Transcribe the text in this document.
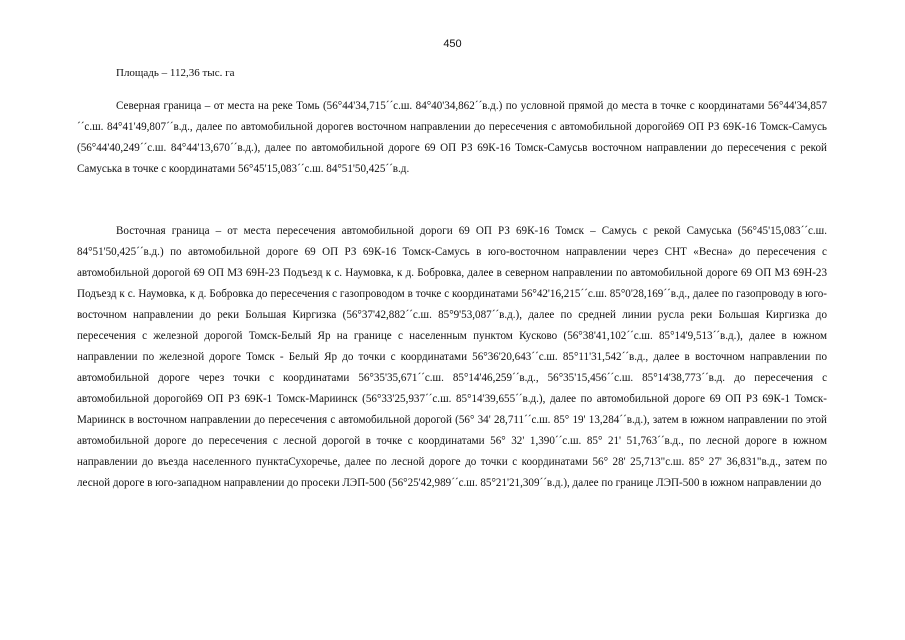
450
Площадь – 112,36 тыс. га

Северная граница – от места на реке Томь (56°44'34,715´´с.ш. 84°40'34,862´´в.д.) по условной прямой до места в точке с координатами 56°44'34,857´´с.ш. 84°41'49,807´´в.д., далее по автомобильной дорогев восточном направлении до пересечения с автомобильной дорогой69 ОП РЗ 69К-16 Томск-Самусь (56°44'40,249´´с.ш. 84°44'13,670´´в.д.), далее по автомобильной дороге 69 ОП РЗ 69К-16 Томск-Самусьв восточном направлении до пересечения с рекой Самуська в точке с координатами 56°45'15,083´´с.ш. 84°51'50,425´´в.д.

Восточная граница – от места пересечения автомобильной дороги 69 ОП РЗ 69К-16 Томск – Самусь с рекой Самуська (56°45'15,083´´с.ш. 84°51'50,425´´в.д.) по автомобильной дороге 69 ОП РЗ 69К-16 Томск-Самусь в юго-восточном направлении через СНТ «Весна» до пересечения с автомобильной дорогой 69 ОП МЗ 69Н-23 Подъезд к с. Наумовка, к д. Бобровка, далее в северном направлении по автомобильной дороге 69 ОП МЗ 69Н-23 Подъезд к с. Наумовка, к д. Бобровка до пересечения с газопроводом в точке с координатами 56°42'16,215´´с.ш. 85°0'28,169´´в.д., далее по газопроводу в юго-восточном направлении до реки Большая Киргизка (56°37'42,882´´с.ш. 85°9'53,087´´в.д.), далее по средней линии русла реки Большая Киргизка до пересечения с железной дорогой Томск-Белый Яр на границе с населенным пунктом Кусково (56°38'41,102´´с.ш. 85°14'9,513´´в.д.), далее в южном направлении по железной дороге Томск - Белый Яр до точки с координатами 56°36'20,643´´с.ш. 85°11'31,542´´в.д., далее в восточном направлении по автомобильной дороге через точки с координатами 56°35'35,671´´с.ш. 85°14'46,259´´в.д., 56°35'15,456´´с.ш. 85°14'38,773´´в.д. до пересечения с автомобильной дорогой69 ОП РЗ 69К-1 Томск-Мариинск (56°33'25,937´´с.ш. 85°14'39,655´´в.д.), далее по автомобильной дороге 69 ОП РЗ 69К-1 Томск-Мариинск в восточном направлении до пересечения с автомобильной дорогой (56° 34' 28,711´´с.ш. 85° 19' 13,284´´в.д.), затем в южном направлении по этой автомобильной дороге до пересечения с лесной дорогой в точке с координатами 56° 32' 1,390´´с.ш. 85° 21' 51,763´´в.д., по лесной дороге в южном направлении до въезда населенного пунктаСухоречье, далее по лесной дороге до точки с координатами 56° 28' 25,713"с.ш. 85° 27' 36,831"в.д., затем по лесной дороге в юго-западном направлении до просеки ЛЭП-500 (56°25'42,989´´с.ш. 85°21'21,309´´в.д.), далее по границе ЛЭП-500 в южном направлении до
